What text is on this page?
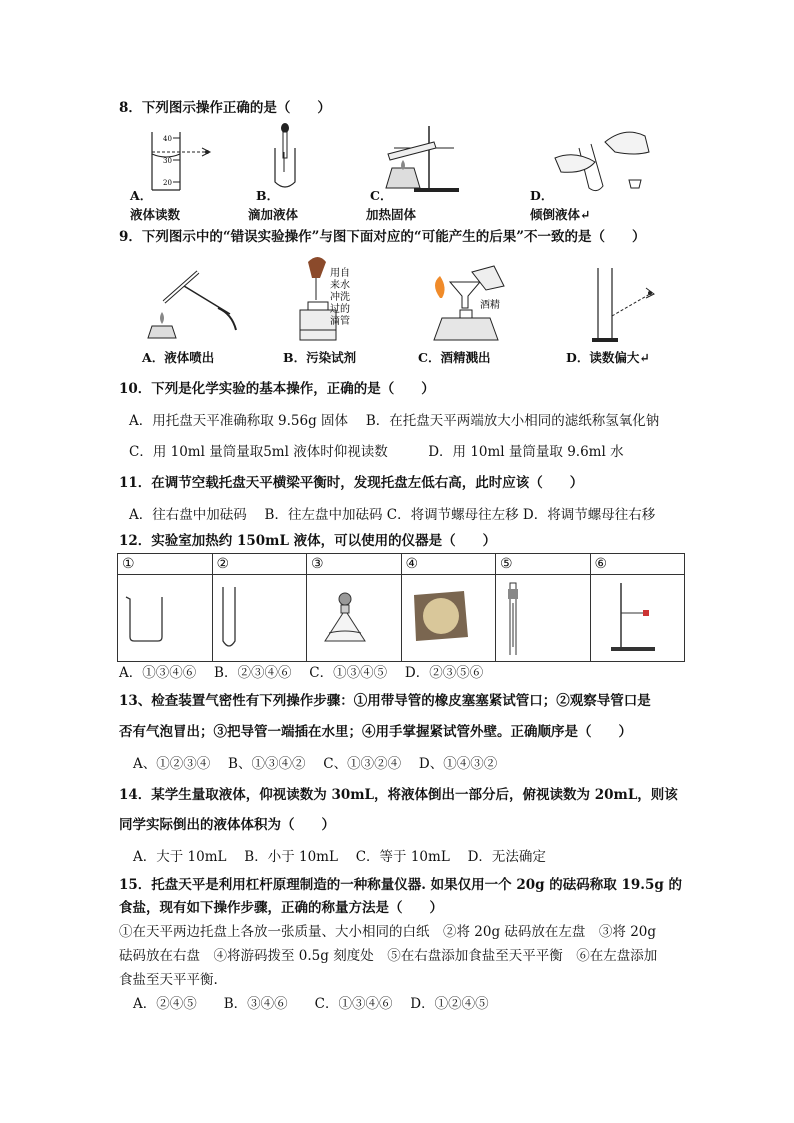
8．下列图示操作正确的是（　　）
40
30
20
A．
液体读数
B．
滴加液体
C．
加热固体
D．
倾倒液体↵
9．下列图示中的“错误实验操作”与图下面对应的“可能产生的后果”不一致的是（　　）
A．液体喷出
用自
来水
冲洗
过的
滴管
B．污染试剂
酒精
C．酒精溅出	D．读数偏大↵
10．下列是化学实验的基本操作，正确的是（　　）
A．用托盘天平准确称取 9.56g 固体　 B．在托盘天平两端放大小相同的滤纸称氢氧化钠
C．用 10ml 量筒量取5ml 液体时仰视读数　　　D．用 10ml 量筒量取 9.6ml 水
11．在调节空载托盘天平横梁平衡时，发现托盘左低右高，此时应该（　　）
A．往右盘中加砝码　 B．往左盘中加砝码 C．将调节螺母往左移 D．将调节螺母往右移
12．实验室加热约 150mL 液体，可以使用的仪器是（　　）
①	②	③	④	⑤	⑥

A．①③④⑥　 B．②③④⑥　 C．①③④⑤　 D．②③⑤⑥
13、检查装置气密性有下列操作步骤：①用带导管的橡皮塞塞紧试管口；②观察导管口是
否有气泡冒出；③把导管一端插在水里；④用手掌握紧试管外壁。正确顺序是（　　）
A、①②③④　 B、①③④②　 C、①③②④　 D、①④③②
14．某学生量取液体，仰视读数为 30mL，将液体倒出一部分后，俯视读数为 20mL，则该
同学实际倒出的液体体积为（　　）
A．大于 10mL　 B．小于 10mL　 C．等于 10mL　 D．无法确定
15．托盘天平是利用杠杆原理制造的一种称量仪器. 如果仅用一个 20g 的砝码称取 19.5g 的
食盐，现有如下操作步骤，正确的称量方法是（　　）
①在天平两边托盘上各放一张质量、大小相同的白纸　②将 20g 砝码放在左盘　③将 20g
砝码放在右盘　④将游码拨至 0.5g 刻度处　⑤在右盘添加食盐至天平平衡　⑥在左盘添加
食盐至天平平衡.
A．②④⑤　　B．③④⑥　　C．①③④⑥　 D．①②④⑤
